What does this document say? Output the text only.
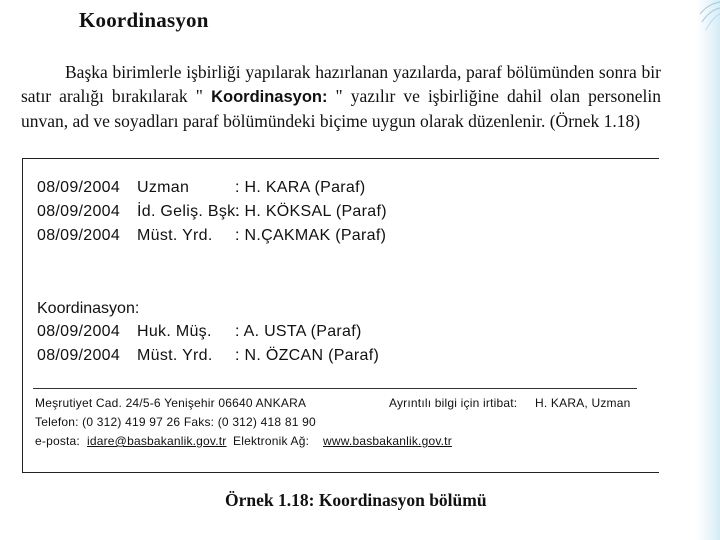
Koordinasyon
Başka birimlerle işbirliği yapılarak hazırlanan yazılarda, paraf bölümünden sonra bir satır aralığı bırakılarak " Koordinasyon: " yazılır ve işbirliğine dahil olan personelin unvan, ad ve soyadları paraf bölümündeki biçime uygun olarak düzenlenir. (Örnek 1.18)
08/09/2004 Uzman	: H. KARA (Paraf)
08/09/2004 İd. Geliş. Bşk.
: H. KÖKSAL (Paraf)
08/09/2004 Müst. Yrd. : N.ÇAKMAK (Paraf)
Koordinasyon:
08/09/2004 Huk. Müş. : A. USTA (Paraf)
08/09/2004 Müst. Yrd. : N. ÖZCAN (Paraf)
Meşrutiyet Cad. 24/5-6 Yenişehir 06640 ANKARA	Ayrıntılı bilgi için irtibat: H. KARA, Uzman
Telefon: (0 312) 419 97 26 Faks: (0 312) 418 81 90
e-posta: idare@basbakanlik.gov.tr Elektronik Ağ: www.basbakanlik.gov.tr
Örnek 1.18: Koordinasyon bölümü
